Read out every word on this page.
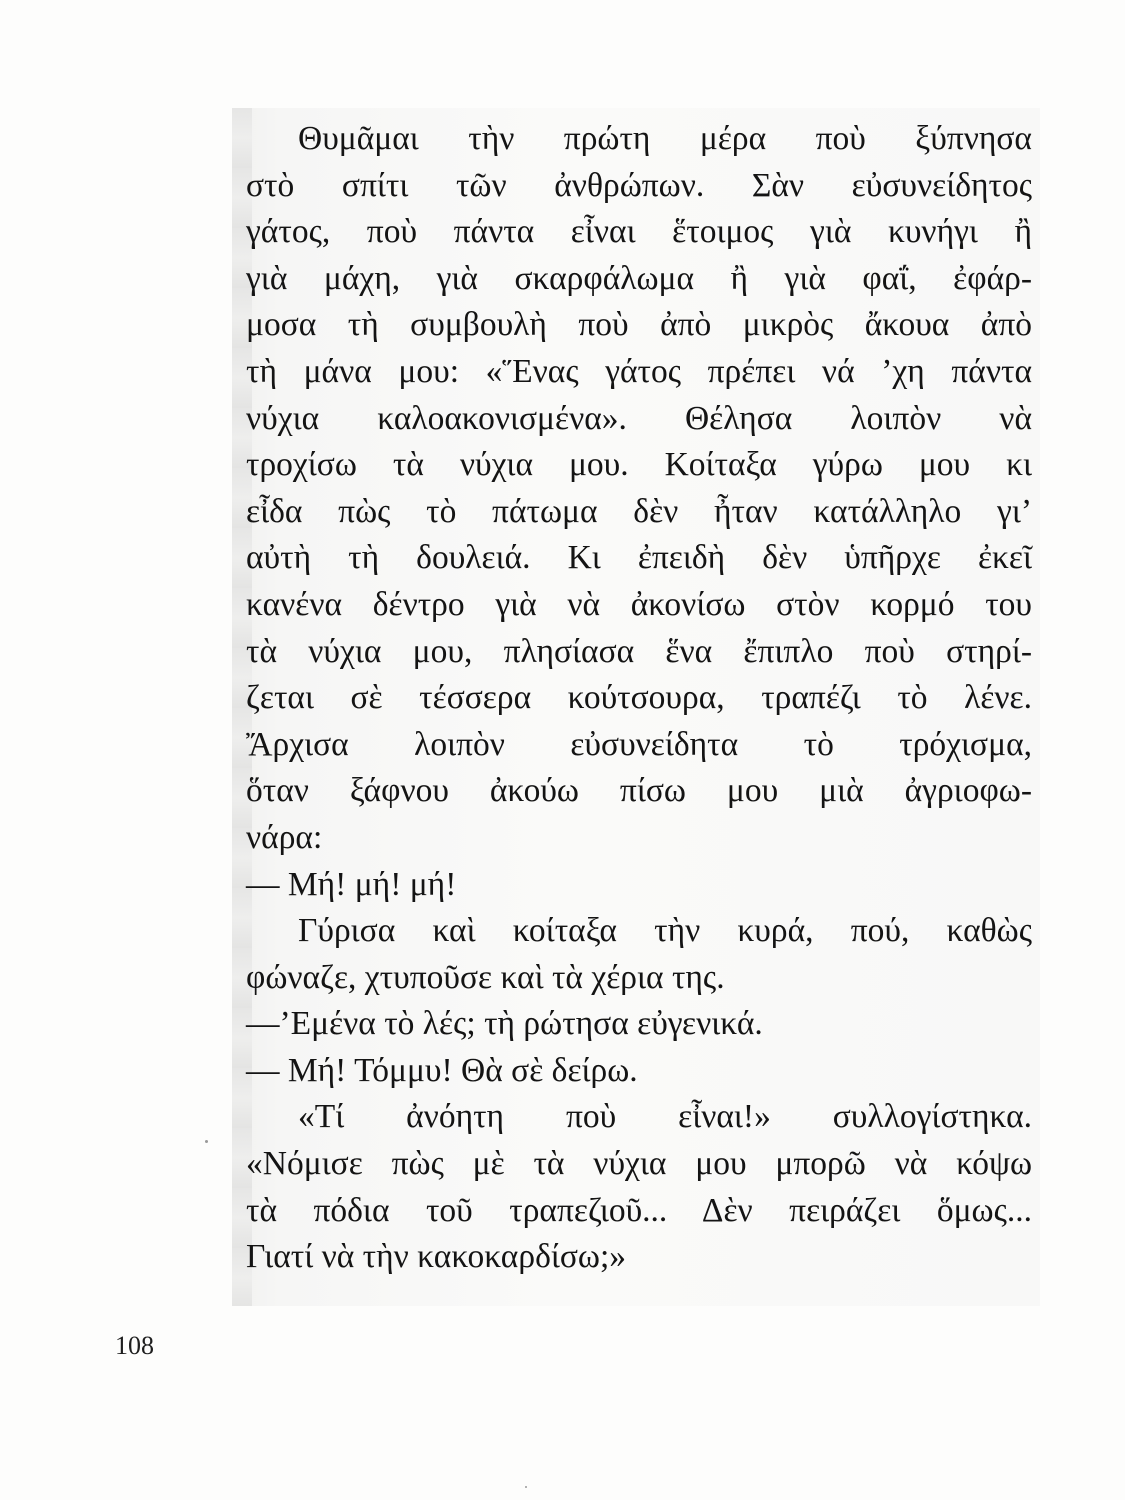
Θυμᾶμαι τὴν πρώτη μέρα ποὺ ξύπνησα
στὸ σπίτι τῶν ἀνθρώπων. Σὰν εὐσυνείδητος
γάτος, ποὺ πάντα εἶναι ἕτοιμος γιὰ κυνήγι ἢ
γιὰ μάχη, γιὰ σκαρφάλωμα ἢ γιὰ φαΐ, ἐφάρ-
μοσα τὴ συμβουλὴ ποὺ ἀπὸ μικρὸς ἄκουα ἀπὸ
τὴ μάνα μου: «Ἕνας γάτος πρέπει νά ’χη πάντα
νύχια καλοακονισμένα». Θέλησα λοιπὸν νὰ
τροχίσω τὰ νύχια μου. Κοίταξα γύρω μου κι
εἶδα πὼς τὸ πάτωμα δὲν ἦταν κατάλληλο γι’
αὐτὴ τὴ δουλειά. Κι ἐπειδὴ δὲν ὑπῆρχε ἐκεῖ
κανένα δέντρο γιὰ νὰ ἀκονίσω στὸν κορμό του
τὰ νύχια μου, πλησίασα ἕνα ἔπιπλο ποὺ στηρί-
ζεται σὲ τέσσερα κούτσουρα, τραπέζι τὸ λένε.
Ἄρχισα λοιπὸν εὐσυνείδητα τὸ τρόχισμα,
ὅταν ξάφνου ἀκούω πίσω μου μιὰ ἀγριοφω-
νάρα:
— Μή! μή! μή!
Γύρισα καὶ κοίταξα τὴν κυρά, πού, καθὼς
φώναζε, χτυποῦσε καὶ τὰ χέρια της.
—’Εμένα τὸ λές; τὴ ρώτησα εὐγενικά.
— Μή! Τόμμυ! Θὰ σὲ δείρω.
«Τί ἀνόητη ποὺ εἶναι!» συλλογίστηκα.
«Νόμισε πὼς μὲ τὰ νύχια μου μπορῶ νὰ κόψω
τὰ πόδια τοῦ τραπεζιοῦ... Δὲν πειράζει ὅμως...
Γιατί νὰ τὴν κακοκαρδίσω;»

108
